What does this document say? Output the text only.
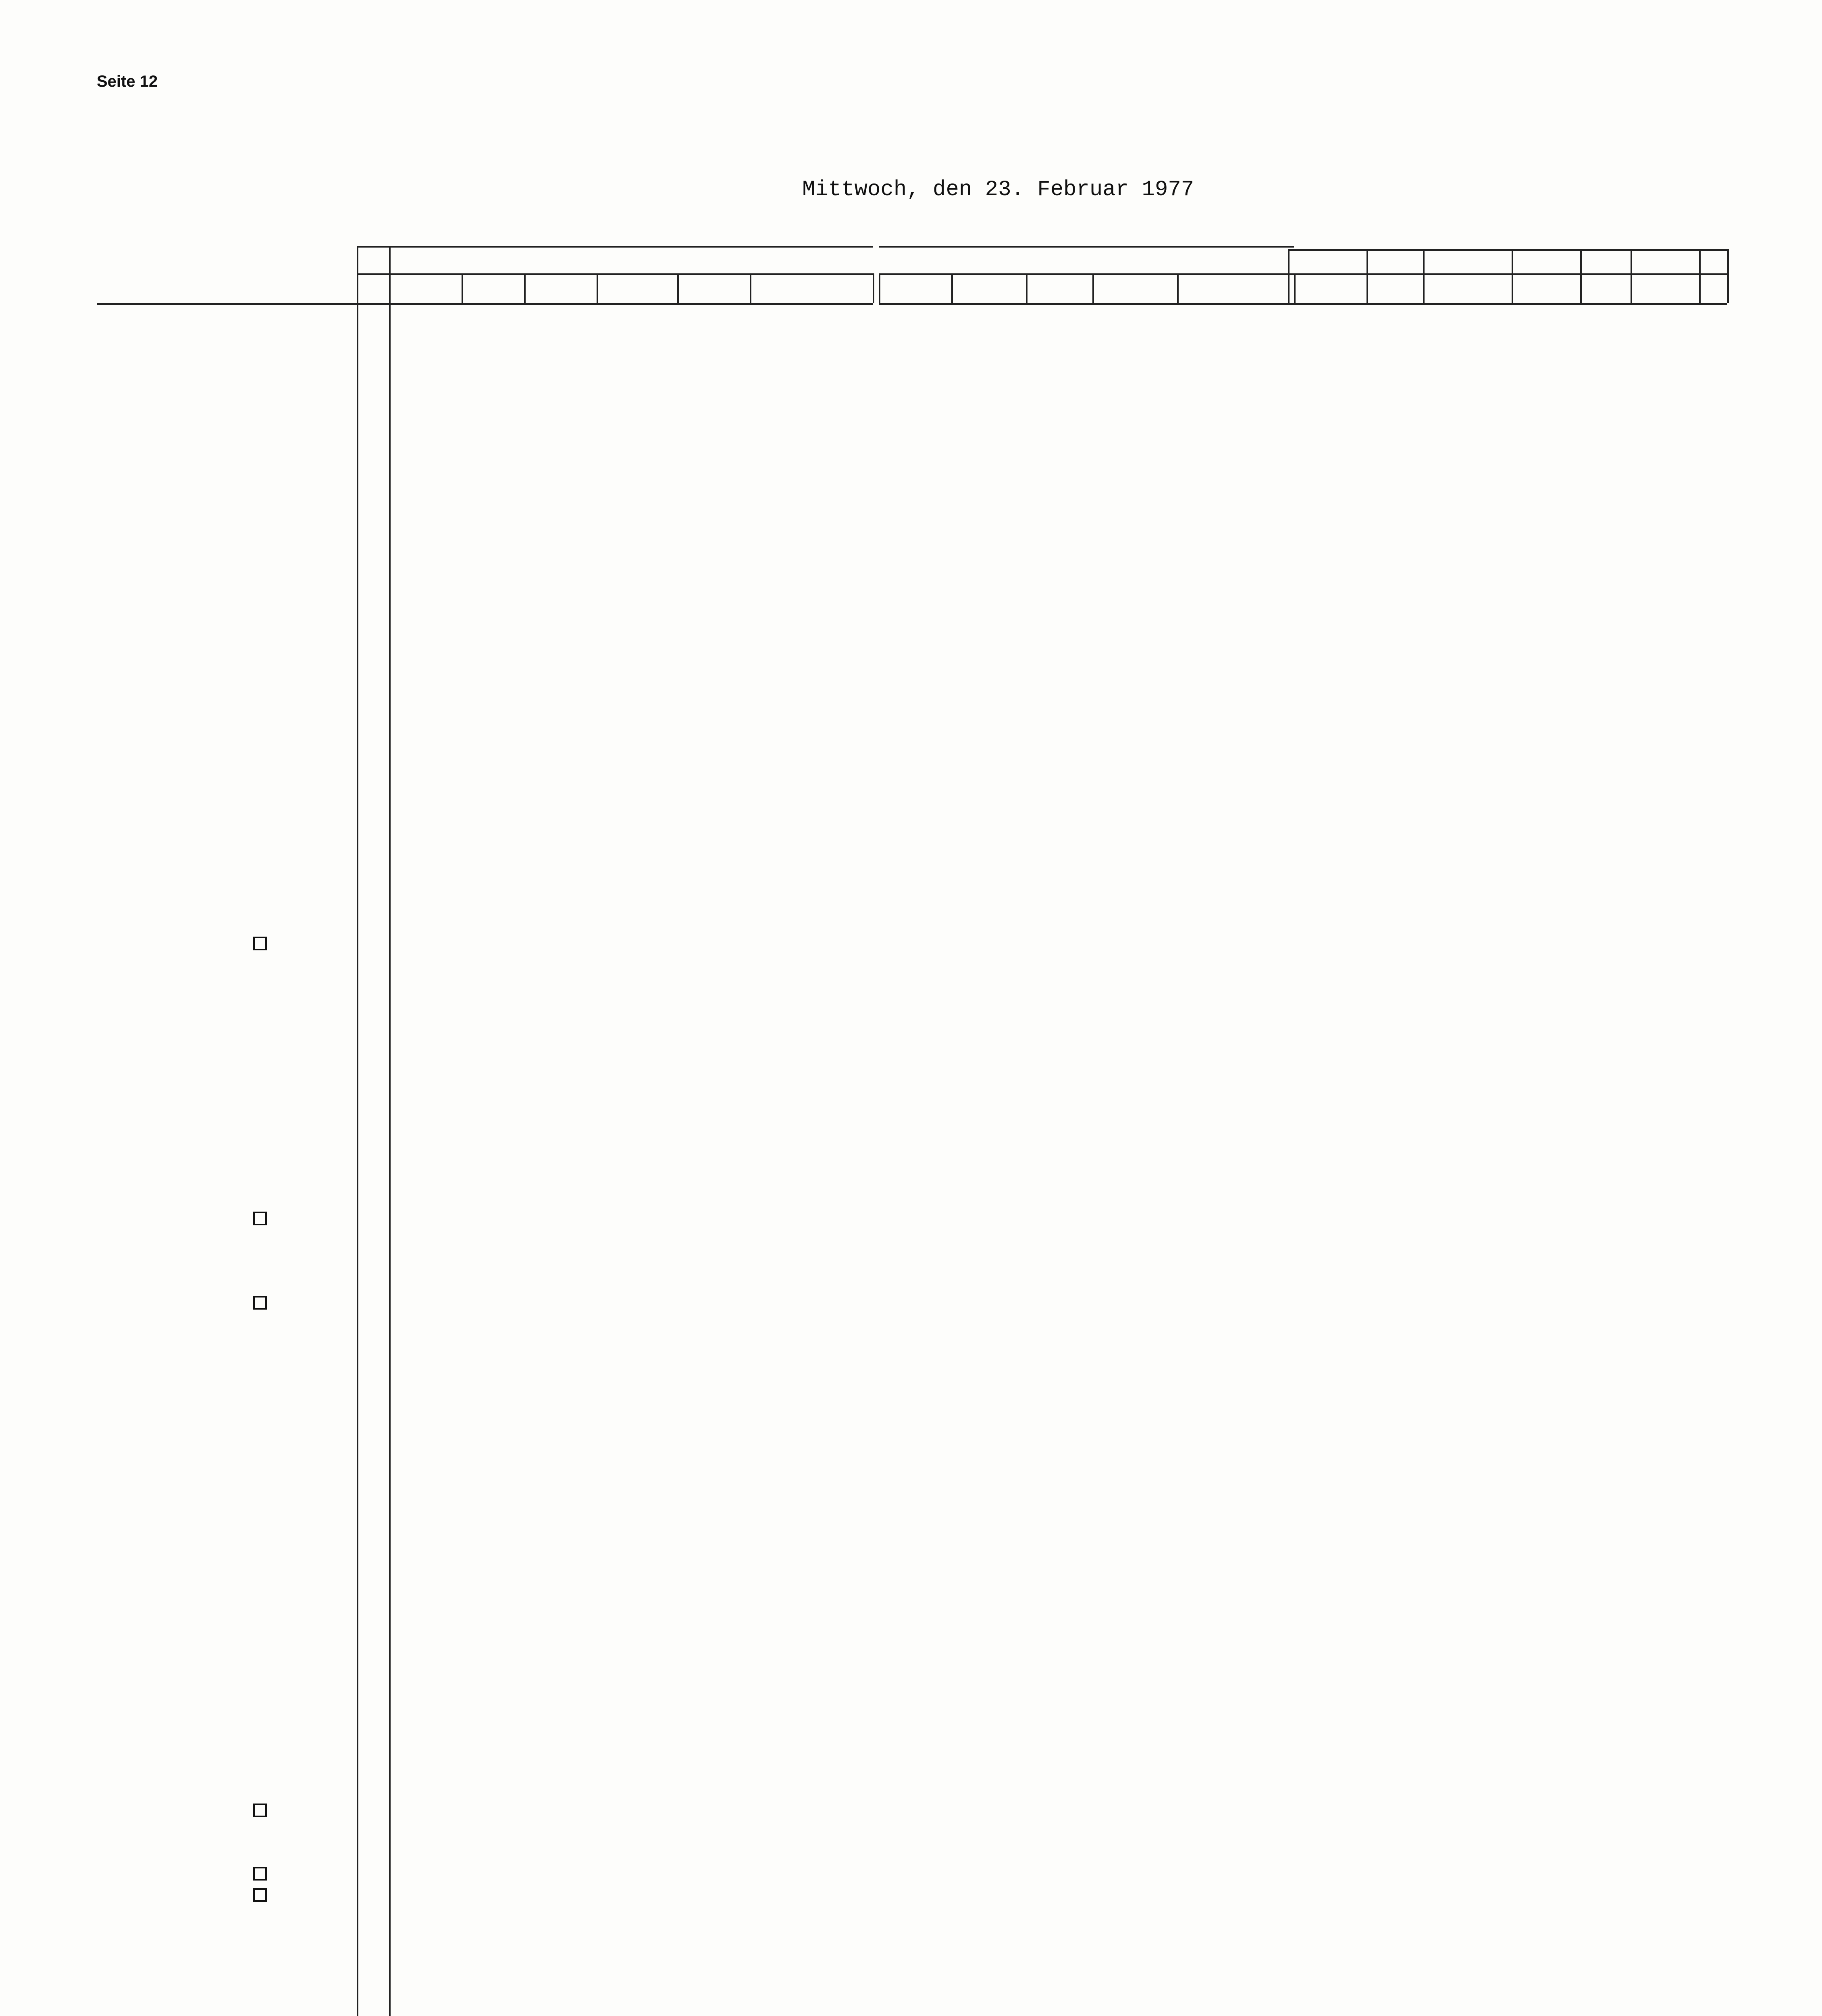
Seite 12
Mittwoch, den 23. Februar 1977
